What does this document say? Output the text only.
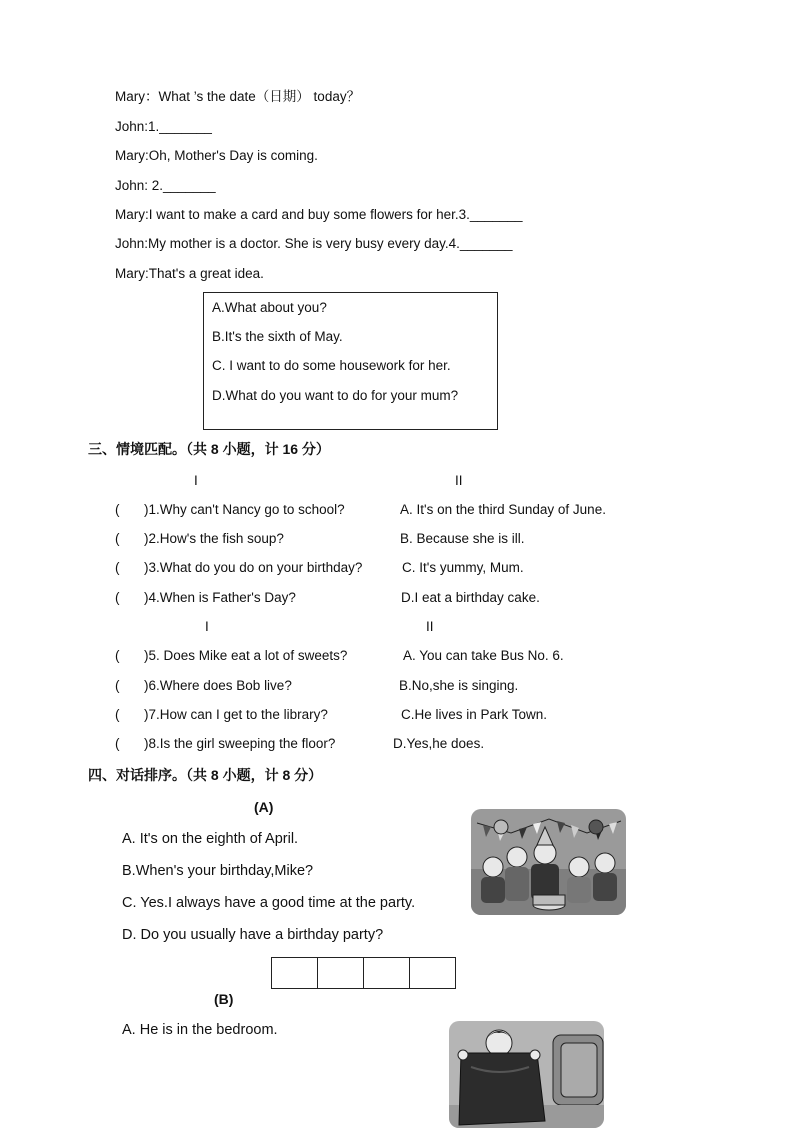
Mary：What ’s the date（日期） today？
John:1._______
Mary:Oh, Mother's Day is coming.
John: 2._______
Mary:I want to make a card and buy some flowers for her.3._______
John:My mother is a doctor. She is very busy every day.4._______
Mary:That's a great idea.
A.What about you?
B.It's the sixth of May.
C. I want to do some housework for her.
D.What do you want to do for your mum?
三、情境匹配。（共 8 小题，计 16 分）
I	II
( )1.Why can't Nancy go to school?	A. It's on the third Sunday of June.
( )2.How's the fish soup?	B. Because she is ill.
( )3.What do you do on your birthday?	C. It's yummy, Mum.
( )4.When is Father's Day?	D.I eat a birthday cake.
I	II
( )5. Does Mike eat a lot of sweets?	A. You can take Bus No. 6.
( )6.Where does Bob live?	B.No,she is singing.
( )7.How can I get to the library?	C.He lives in Park Town.
( )8.Is the girl sweeping the floor?	D.Yes,he does.
四、对话排序。（共 8 小题，计 8 分）
(A)
A. It's on the eighth of April.
B.When's your birthday,Mike?
C. Yes.I always have a good time at the party.
D. Do you usually have a birthday party?
(B)
A. He is in the bedroom.
